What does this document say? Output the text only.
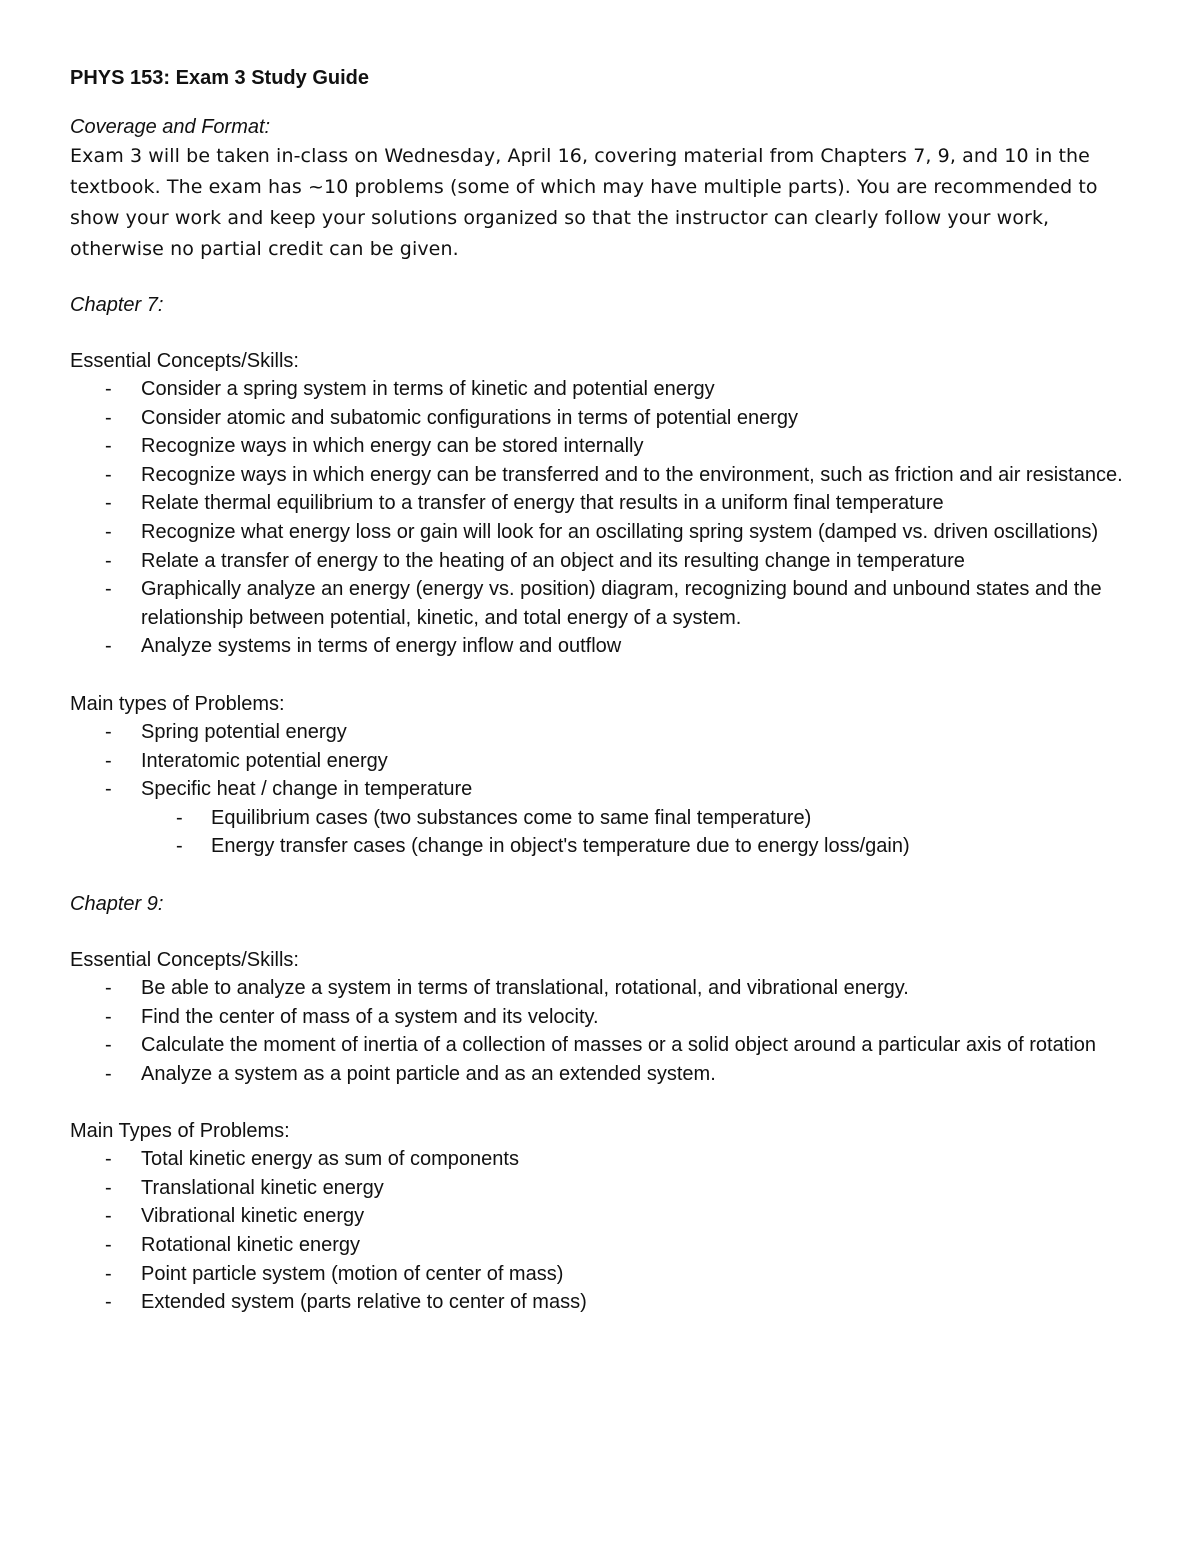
PHYS 153: Exam 3 Study Guide
Coverage and Format:
Exam 3 will be taken in-class on Wednesday, April 16, covering material from Chapters 7, 9, and 10 in the textbook. The exam has ~10 problems (some of which may have multiple parts). You are recommended to show your work and keep your solutions organized so that the instructor can clearly follow your work, otherwise no partial credit can be given.
Chapter 7:
Essential Concepts/Skills:
- Consider a spring system in terms of kinetic and potential energy
- Consider atomic and subatomic configurations in terms of potential energy
- Recognize ways in which energy can be stored internally
- Recognize ways in which energy can be transferred and to the environment, such as friction and air resistance.
- Relate thermal equilibrium to a transfer of energy that results in a uniform final temperature
- Recognize what energy loss or gain will look for an oscillating spring system (damped vs. driven oscillations)
- Relate a transfer of energy to the heating of an object and its resulting change in temperature
- Graphically analyze an energy (energy vs. position) diagram, recognizing bound and unbound states and the relationship between potential, kinetic, and total energy of a system.
- Analyze systems in terms of energy inflow and outflow
Main types of Problems:
- Spring potential energy
- Interatomic potential energy
- Specific heat / change in temperature
- Equilibrium cases (two substances come to same final temperature)
- Energy transfer cases (change in object's temperature due to energy loss/gain)
Chapter 9:
Essential Concepts/Skills:
- Be able to analyze a system in terms of translational, rotational, and vibrational energy.
- Find the center of mass of a system and its velocity.
- Calculate the moment of inertia of a collection of masses or a solid object around a particular axis of rotation
- Analyze a system as a point particle and as an extended system.
Main Types of Problems:
- Total kinetic energy as sum of components
- Translational kinetic energy
- Vibrational kinetic energy
- Rotational kinetic energy
- Point particle system (motion of center of mass)
- Extended system (parts relative to center of mass)
